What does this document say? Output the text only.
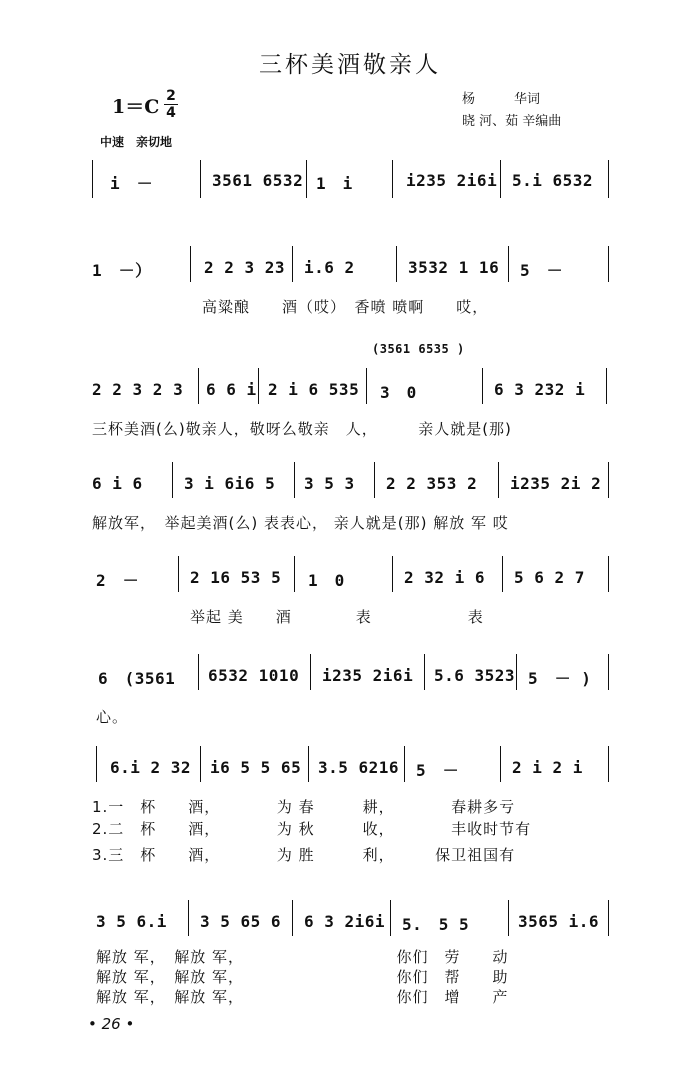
三杯美酒敬亲人
1＝C 2
4
杨　　　华词
晓 河、茹 辛编曲
中速　亲切地
i　－	3561 6532 1　i	i235 2i6i 5.i 6532
1　－）	2 2 3 23 i.6 2	3532 1 16 5　－
高粱酿　　酒（哎）　香喷 喷啊　　哎，
(3561 6535 )
2 2 3 2 3 6 6 i 2 i 6 535 3　0	6 3 232 i
三杯美酒(么)敬亲人，敬呀么敬亲　人，　　　亲人就是(那)
6 i 6	3 i 6i6 5 3 5 3 2 2 353 2 i235 2i 2
解放军，　举起美酒(么) 表表心， 亲人就是(那) 解放 军 哎
2　－	2 16 53 5 1　0	2 32 i 6 5 6 2 7
举起 美　　酒　　　　表　　　　　　表
6　(3561 6532 1010 i235 2i6i 5.6 3523 5　－ )
心。
6.i 2 32 i6 5 5 65 3.5 6216 5　－	2 i 2 i
1.一　杯　　酒，　　　　为 春　　　耕，　　　　春耕多亏
2.二　杯　　酒，　　　　为 秋　　　收，　　　　丰收时节有
3.三　杯　　酒，　　　　为 胜　　　利，　　　保卫祖国有
3 5 6.i 3 5 65 6 6 3 2i6i 5.　5 5	3565 i.6
解放 军，　解放 军，　　　　　　　　　　你们　劳　　动
解放 军，　解放 军，　　　　　　　　　　你们　帮　　助
解放 军，　解放 军，　　　　　　　　　　你们　增　　产
• 26 •
